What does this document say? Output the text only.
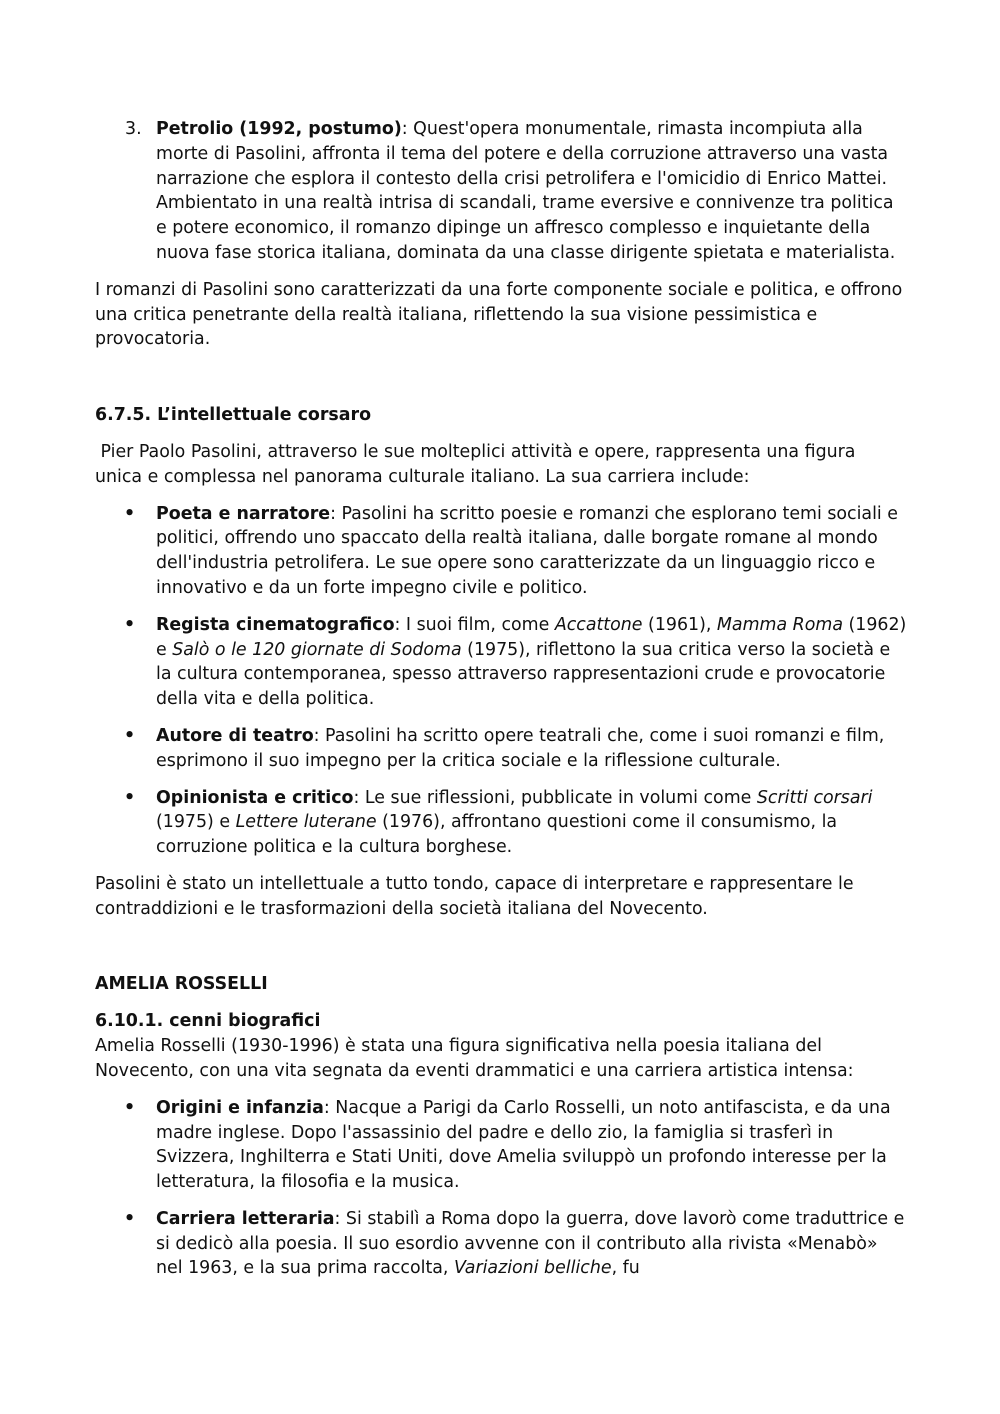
3. Petrolio (1992, postumo): Quest'opera monumentale, rimasta incompiuta alla morte di Pasolini, affronta il tema del potere e della corruzione attraverso una vasta narrazione che esplora il contesto della crisi petrolifera e l'omicidio di Enrico Mattei. Ambientato in una realtà intrisa di scandali, trame eversive e connivenze tra politica e potere economico, il romanzo dipinge un affresco complesso e inquietante della nuova fase storica italiana, dominata da una classe dirigente spietata e materialista.

I romanzi di Pasolini sono caratterizzati da una forte componente sociale e politica, e offrono una critica penetrante della realtà italiana, riflettendo la sua visione pessimistica e provocatoria.

6.7.5. L’intellettuale corsaro

Pier Paolo Pasolini, attraverso le sue molteplici attività e opere, rappresenta una figura unica e complessa nel panorama culturale italiano. La sua carriera include:

• Poeta e narratore: Pasolini ha scritto poesie e romanzi che esplorano temi sociali e politici, offrendo uno spaccato della realtà italiana, dalle borgate romane al mondo dell'industria petrolifera. Le sue opere sono caratterizzate da un linguaggio ricco e innovativo e da un forte impegno civile e politico.

• Regista cinematografico: I suoi film, come Accattone (1961), Mamma Roma (1962) e Salò o le 120 giornate di Sodoma (1975), riflettono la sua critica verso la società e la cultura contemporanea, spesso attraverso rappresentazioni crude e provocatorie della vita e della politica.

• Autore di teatro: Pasolini ha scritto opere teatrali che, come i suoi romanzi e film, esprimono il suo impegno per la critica sociale e la riflessione culturale.

• Opinionista e critico: Le sue riflessioni, pubblicate in volumi come Scritti corsari (1975) e Lettere luterane (1976), affrontano questioni come il consumismo, la corruzione politica e la cultura borghese.

Pasolini è stato un intellettuale a tutto tondo, capace di interpretare e rappresentare le contraddizioni e le trasformazioni della società italiana del Novecento.

AMELIA ROSSELLI

6.10.1. cenni biografici

Amelia Rosselli (1930-1996) è stata una figura significativa nella poesia italiana del Novecento, con una vita segnata da eventi drammatici e una carriera artistica intensa:

• Origini e infanzia: Nacque a Parigi da Carlo Rosselli, un noto antifascista, e da una madre inglese. Dopo l'assassinio del padre e dello zio, la famiglia si trasferì in Svizzera, Inghilterra e Stati Uniti, dove Amelia sviluppò un profondo interesse per la letteratura, la filosofia e la musica.

• Carriera letteraria: Si stabilì a Roma dopo la guerra, dove lavorò come traduttrice e si dedicò alla poesia. Il suo esordio avvenne con il contributo alla rivista «Menabò» nel 1963, e la sua prima raccolta, Variazioni belliche, fu
